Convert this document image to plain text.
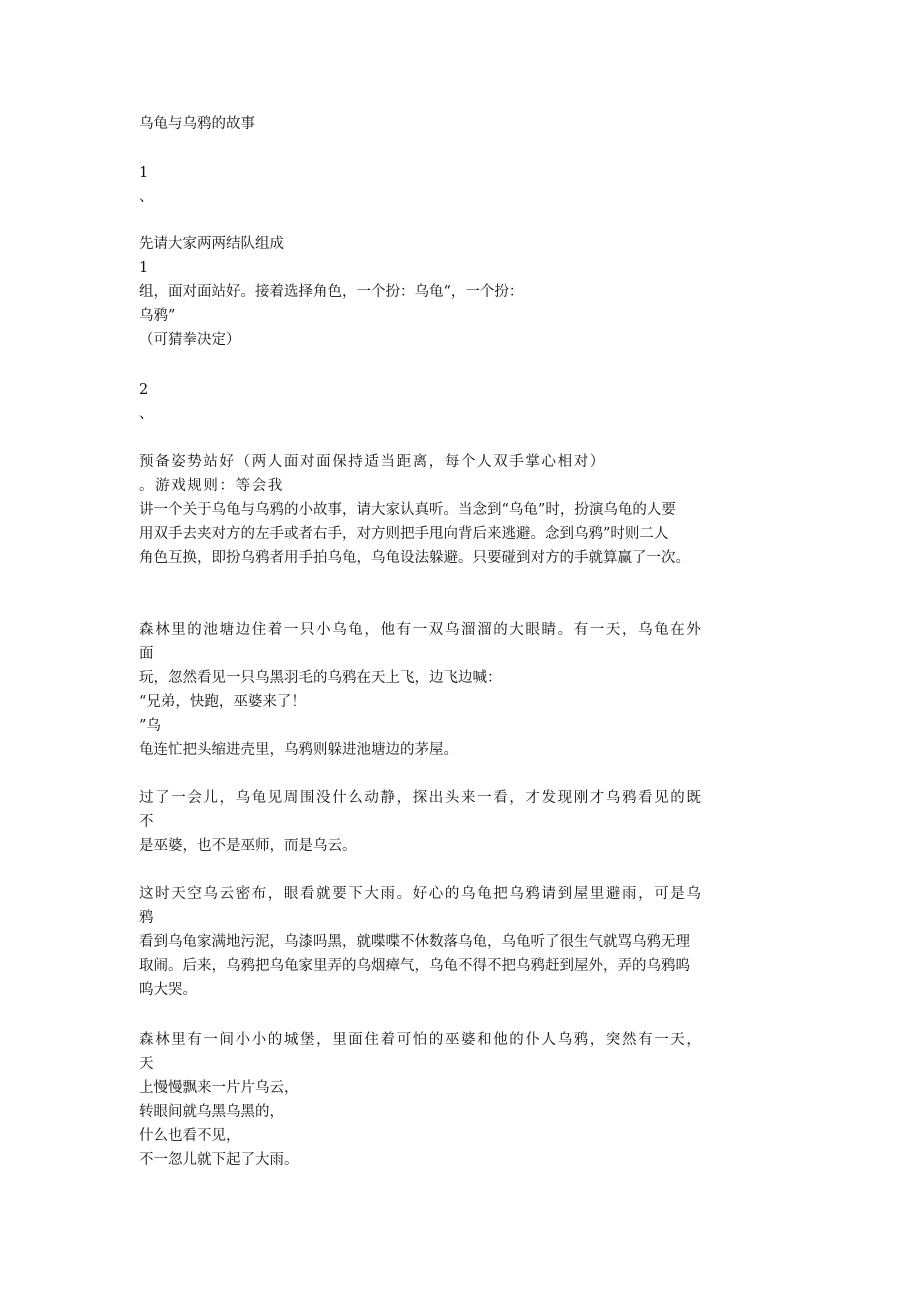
乌龟与乌鸦的故事
1
、
先请大家两两结队组成
1
组，面对面站好。接着选择角色，一个扮：乌龟“，一个扮：
乌鸦”
（可猜拳决定）
2
、
预备姿势站好（两人面对面保持适当距离，每个人双手掌心相对）
。游戏规则：等会我
讲一个关于乌龟与乌鸦的小故事，请大家认真听。当念到“乌龟”时，扮演乌龟的人要
用双手去夹对方的左手或者右手，对方则把手甩向背后来逃避。念到乌鸦”时则二人
角色互换，即扮乌鸦者用手拍乌龟，乌龟设法躲避。只要碰到对方的手就算赢了一次。
森林里的池塘边住着一只小乌龟，他有一双乌溜溜的大眼睛。有一天，乌龟在外
面
玩，忽然看见一只乌黑羽毛的乌鸦在天上飞，边飞边喊：
“兄弟，快跑，巫婆来了！
”乌
龟连忙把头缩进壳里，乌鸦则躲进池塘边的茅屋。
过了一会儿，乌龟见周围没什么动静，探出头来一看，才发现刚才乌鸦看见的既
不
是巫婆，也不是巫师，而是乌云。
这时天空乌云密布，眼看就要下大雨。好心的乌龟把乌鸦请到屋里避雨，可是乌
鸦
看到乌龟家满地污泥，乌漆吗黑，就喋喋不休数落乌龟，乌龟听了很生气就骂乌鸦无理
取闹。后来，乌鸦把乌龟家里弄的乌烟瘴气，乌龟不得不把乌鸦赶到屋外，弄的乌鸦呜
呜大哭。
森林里有一间小小的城堡，里面住着可怕的巫婆和他的仆人乌鸦，突然有一天，
天
上慢慢飘来一片片乌云，
转眼间就乌黑乌黑的，
什么也看不见，
不一忽儿就下起了大雨。
